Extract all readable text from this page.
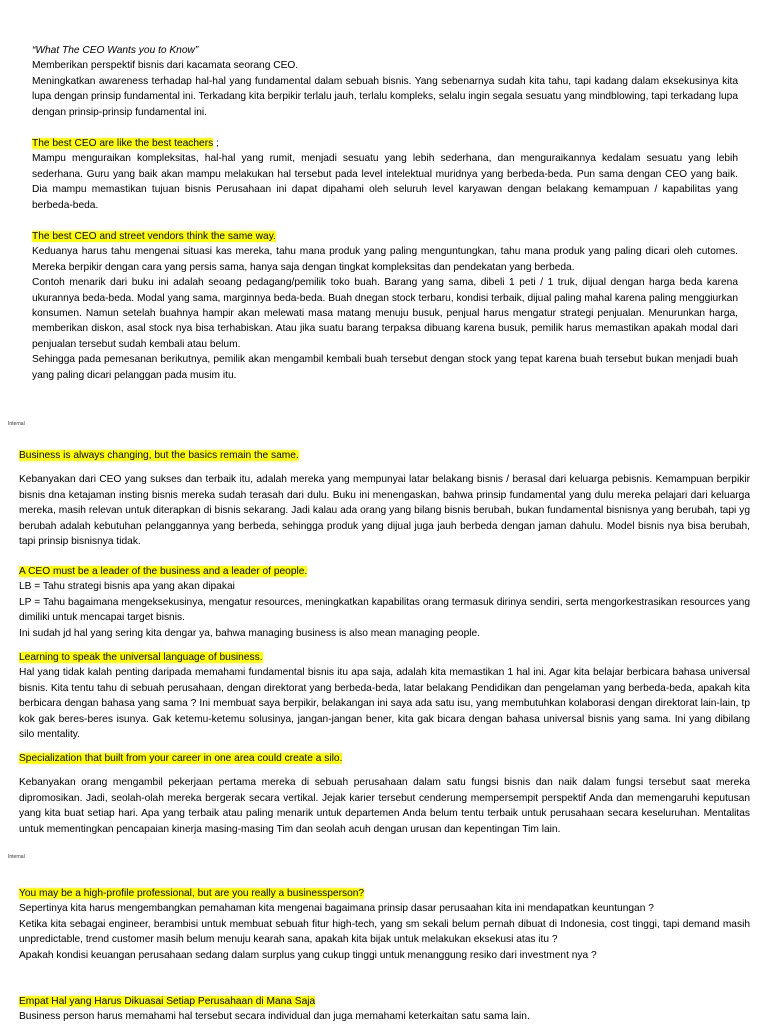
“What The CEO Wants you to Know”

Memberikan perspektif bisnis dari kacamata seorang CEO.

Meningkatkan awareness terhadap hal-hal yang fundamental dalam sebuah bisnis. Yang sebenarnya sudah kita tahu, tapi kadang dalam eksekusinya kita lupa dengan prinsip fundamental ini. Terkadang kita berpikir terlalu jauh, terlalu kompleks, selalu ingin segala sesuatu yang mindblowing, tapi terkadang lupa dengan prinsip-prinsip fundamental ini.

The best CEO are like the best teachers ;

Mampu menguraikan kompleksitas, hal-hal yang rumit, menjadi sesuatu yang lebih sederhana, dan menguraikannya kedalam sesuatu yang lebih sederhana. Guru yang baik akan mampu melakukan hal tersebut pada level intelektual muridnya yang berbeda-beda. Pun sama dengan CEO yang baik. Dia mampu memastikan tujuan bisnis Perusahaan ini dapat dipahami oleh seluruh level karyawan dengan belakang kemampuan / kapabilitas yang berbeda-beda.

The best CEO and street vendors think the same way.

Keduanya harus tahu mengenai situasi kas mereka, tahu mana produk yang paling menguntungkan, tahu mana produk yang paling dicari oleh cutomes. Mereka berpikir dengan cara yang persis sama, hanya saja dengan tingkat kompleksitas dan pendekatan yang berbeda.

Contoh menarik dari buku ini adalah seoang pedagang/pemilik toko buah. Barang yang sama, dibeli 1 peti / 1 truk, dijual dengan harga beda karena ukurannya beda-beda. Modal yang sama, marginnya beda-beda. Buah dnegan stock terbaru, kondisi terbaik, dijual paling mahal karena paling menggiurkan konsumen. Namun setelah buahnya hampir akan melewati masa matang menuju busuk, penjual harus mengatur strategi penjualan. Menurunkan harga, memberikan diskon, asal stock nya bisa terhabiskan. Atau jika suatu barang terpaksa dibuang karena busuk, pemilik harus memastikan apakah modal dari penjualan tersebut sudah kembali atau belum.

Sehingga pada pemesanan berikutnya, pemilik akan mengambil kembali buah tersebut dengan stock yang tepat karena buah tersebut bukan menjadi buah yang paling dicari pelanggan pada musim itu.

Internal

Business is always changing, but the basics remain the same.

Kebanyakan dari CEO yang sukses dan terbaik itu, adalah mereka yang mempunyai latar belakang bisnis / berasal dari keluarga pebisnis. Kemampuan berpikir bisnis dna ketajaman insting bisnis mereka sudah terasah dari dulu. Buku ini menengaskan, bahwa prinsip fundamental yang dulu mereka pelajari dari keluarga mereka, masih relevan untuk diterapkan di bisnis sekarang. Jadi kalau ada orang yang bilang bisnis berubah, bukan fundamental bisnisnya yang berubah, tapi yg berubah adalah kebutuhan pelanggannya yang berbeda, sehingga produk yang dijual juga jauh berbeda dengan jaman dahulu. Model bisnis nya bisa berubah, tapi prinsip bisnisnya tidak.

A CEO must be a leader of the business and a leader of people.

LB = Tahu strategi bisnis apa yang akan dipakai

LP = Tahu bagaimana mengeksekusinya, mengatur resources, meningkatkan kapabilitas orang termasuk dirinya sendiri, serta mengorkestrasikan resources yang dimiliki untuk mencapai target bisnis.

Ini sudah jd hal yang sering kita dengar ya, bahwa managing business is also mean managing people.

Learning to speak the universal language of business.

Hal yang tidak kalah penting daripada memahami fundamental bisnis itu apa saja, adalah kita memastikan 1 hal ini. Agar kita belajar berbicara bahasa universal bisnis. Kita tentu tahu di sebuah perusahaan, dengan direktorat yang berbeda-beda, latar belakang Pendidikan dan pengelaman yang berbeda-beda, apakah kita berbicara dengan bahasa yang sama ? Ini membuat saya berpikir, belakangan ini saya ada satu isu, yang membutuhkan kolaborasi dengan direktorat lain-lain, tp kok gak beres-beres isunya. Gak ketemu-ketemu solusinya, jangan-jangan bener, kita gak bicara dengan bahasa universal bisnis yang sama. Ini yang dibilang silo mentality.

Specialization that built from your career in one area could create a silo.

Kebanyakan orang mengambil pekerjaan pertama mereka di sebuah perusahaan dalam satu fungsi bisnis dan naik dalam fungsi tersebut saat mereka dipromosikan. Jadi, seolah-olah mereka bergerak secara vertikal. Jejak karier tersebut cenderung mempersempit perspektif Anda dan memengaruhi keputusan yang kita buat setiap hari. Apa yang terbaik atau paling menarik untuk departemen Anda belum tentu terbaik untuk perusahaan secara keseluruhan. Mentalitas untuk mementingkan pencapaian kinerja masing-masing Tim dan seolah acuh dengan urusan dan kepentingan Tim lain.

Internal

You may be a high-profile professional, but are you really a businessperson?

Sepertinya kita harus mengembangkan pemahaman kita mengenai bagaimana prinsip dasar perusaahan kita ini mendapatkan keuntungan ?

Ketika kita sebagai engineer, berambisi untuk membuat sebuah fitur high-tech, yang sm sekali belum pernah dibuat di Indonesia, cost tinggi, tapi demand masih unpredictable, trend customer masih belum menuju kearah sana, apakah kita bijak untuk melakukan eksekusi atas itu ?

Apakah kondisi keuangan perusahaan sedang dalam surplus yang cukup tinggi untuk menanggung resiko dari investment nya ?

Empat Hal yang Harus Dikuasai Setiap Perusahaan di Mana Saja

Business person harus memahami hal tersebut secara individual dan juga memahami keterkaitan satu sama lain.
